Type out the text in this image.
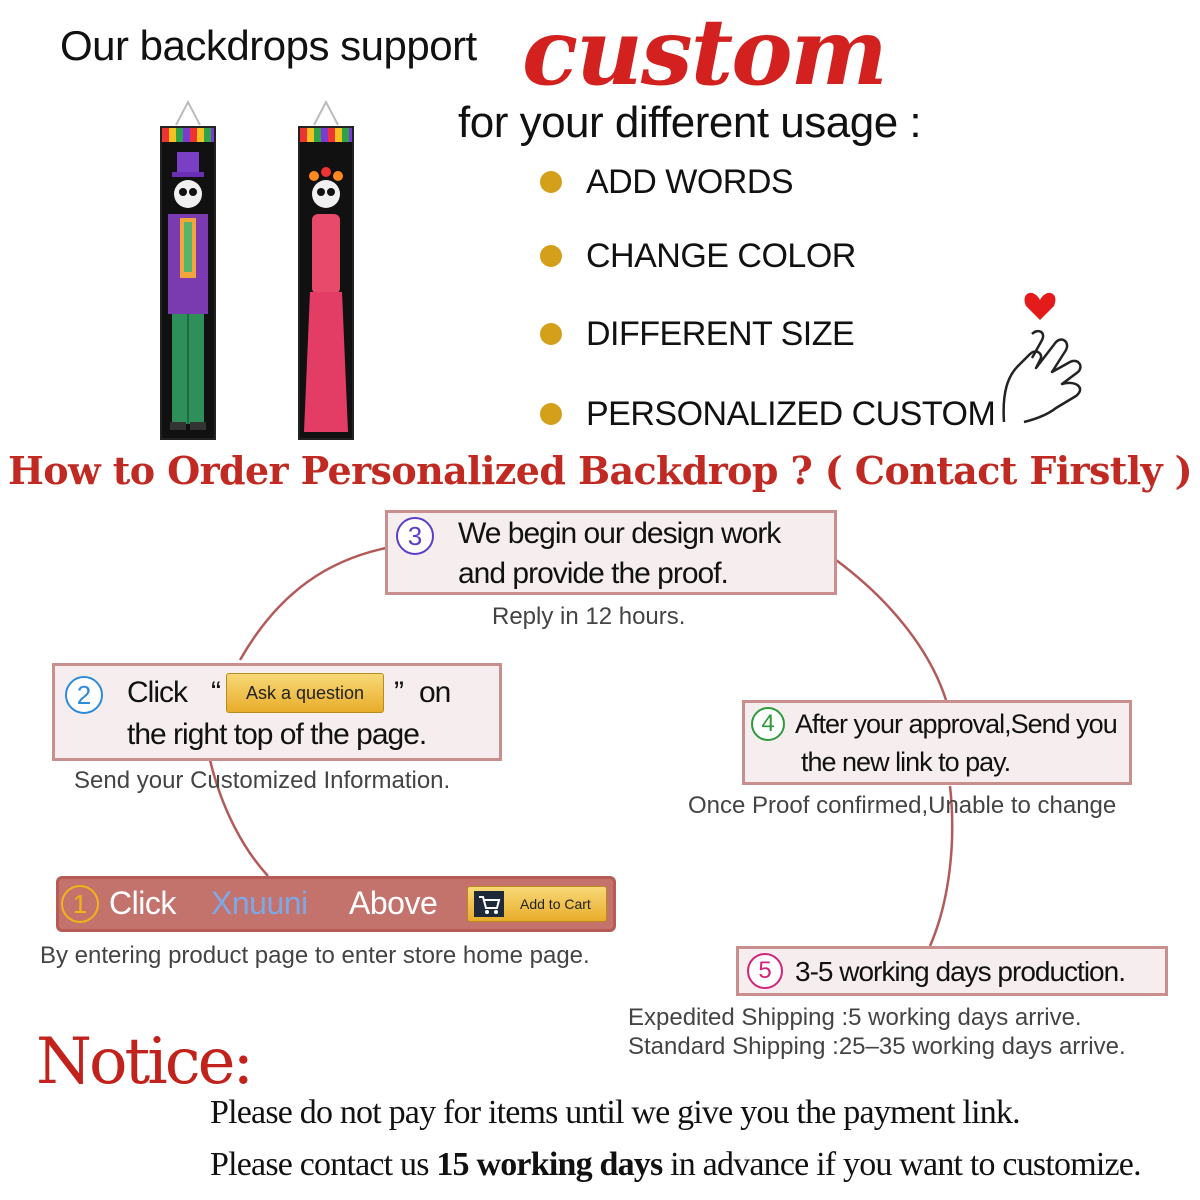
Our backdrops support custom
for your different usage :
ADD WORDS
CHANGE COLOR
DIFFERENT SIZE
PERSONALIZED CUSTOM
How to Order Personalized Backdrop ? ( Contact Firstly )
3	We begin our design work
and provide the proof.
Reply in 12 hours.
2	Click “	Ask a question ” on
the right top of the page.
Send your Customized Information.
4 After your approval,Send you
the new link to pay.
Once Proof confirmed,Unable to change
1 Click Xnuuni Above	Add to Cart
By entering product page to enter store home page.
5 3-5 working days production.
Expedited Shipping :5 working days arrive.
Standard Shipping :25–35 working days arrive.
Notice:
Please do not pay for items until we give you the payment link.
Please contact us 15 working days in advance if you want to customize.
